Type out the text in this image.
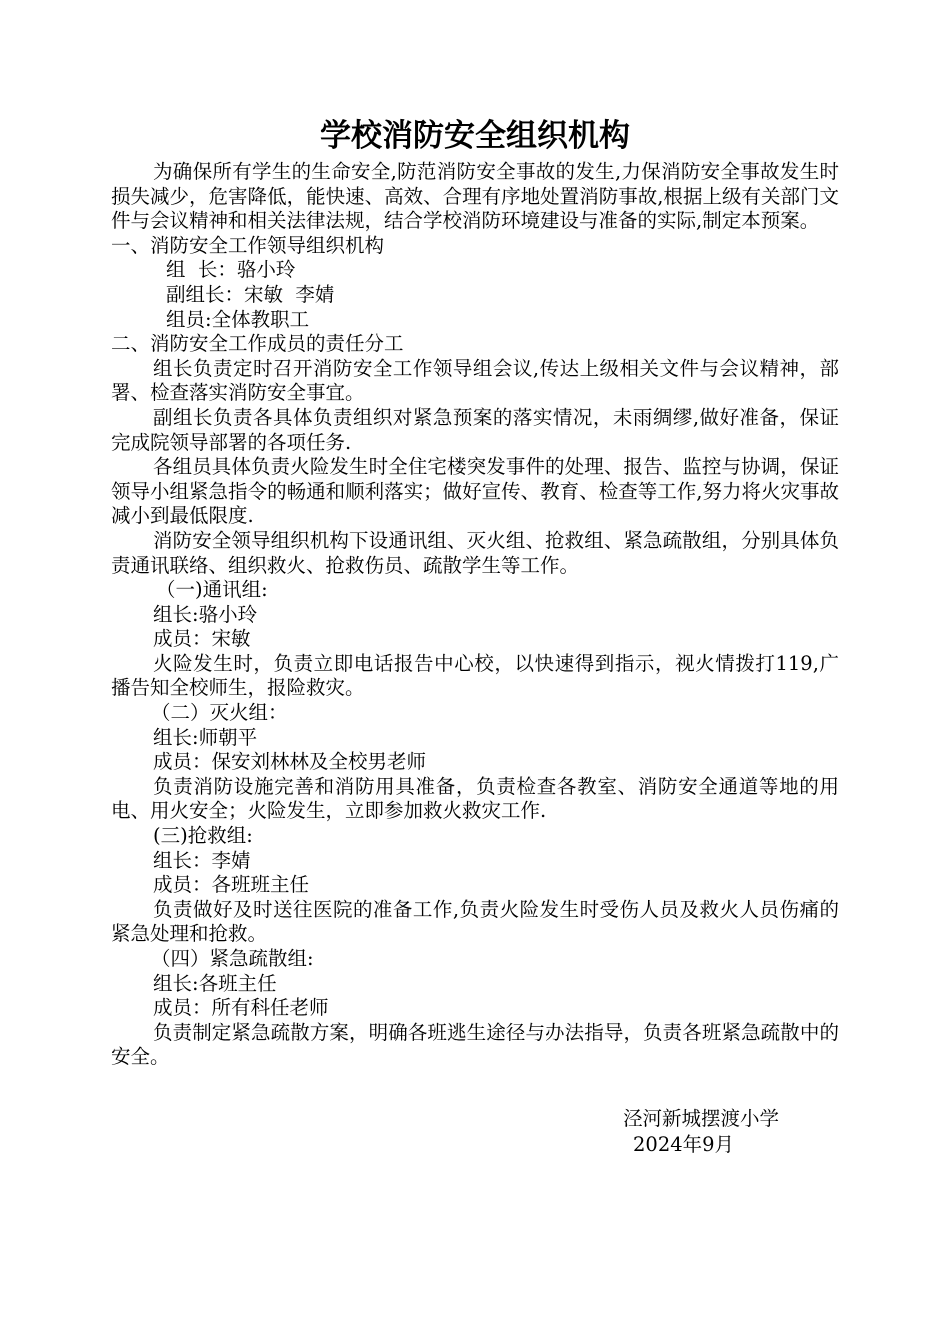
学校消防安全组织机构

为确保所有学生的生命安全,防范消防安全事故的发生,力保消防安全事故发生时损失减少，危害降低，能快速、高效、合理有序地处置消防事故,根据上级有关部门文件与会议精神和相关法律法规，结合学校消防环境建设与准备的实际,制定本预案。

一、消防安全工作领导组织机构

组  长：骆小玲

副组长：宋敏  李婧

组员:全体教职工

二、消防安全工作成员的责任分工

组长负责定时召开消防安全工作领导组会议,传达上级相关文件与会议精神，部署、检查落实消防安全事宜。

副组长负责各具体负责组织对紧急预案的落实情况，未雨绸缪,做好准备，保证完成院领导部署的各项任务.

各组员具体负责火险发生时全住宅楼突发事件的处理、报告、监控与协调，保证领导小组紧急指令的畅通和顺利落实；做好宣传、教育、检查等工作,努力将火灾事故减小到最低限度.

消防安全领导组织机构下设通讯组、灭火组、抢救组、紧急疏散组，分别具体负责通讯联络、组织救火、抢救伤员、疏散学生等工作。

（一)通讯组:

组长:骆小玲

成员：宋敏

火险发生时，负责立即电话报告中心校，以快速得到指示，视火情拨打119,广播告知全校师生，报险救灾。

（二）灭火组：

组长:师朝平

成员：保安刘林林及全校男老师

负责消防设施完善和消防用具准备，负责检查各教室、消防安全通道等地的用电、用火安全；火险发生，立即参加救火救灾工作.

(三)抢救组:

组长：李婧

成员：各班班主任

负责做好及时送往医院的准备工作,负责火险发生时受伤人员及救火人员伤痛的紧急处理和抢救。

（四）紧急疏散组:

组长:各班主任

成员：所有科任老师

负责制定紧急疏散方案，明确各班逃生途径与办法指导，负责各班紧急疏散中的安全。

泾河新城摆渡小学

2024年9月
